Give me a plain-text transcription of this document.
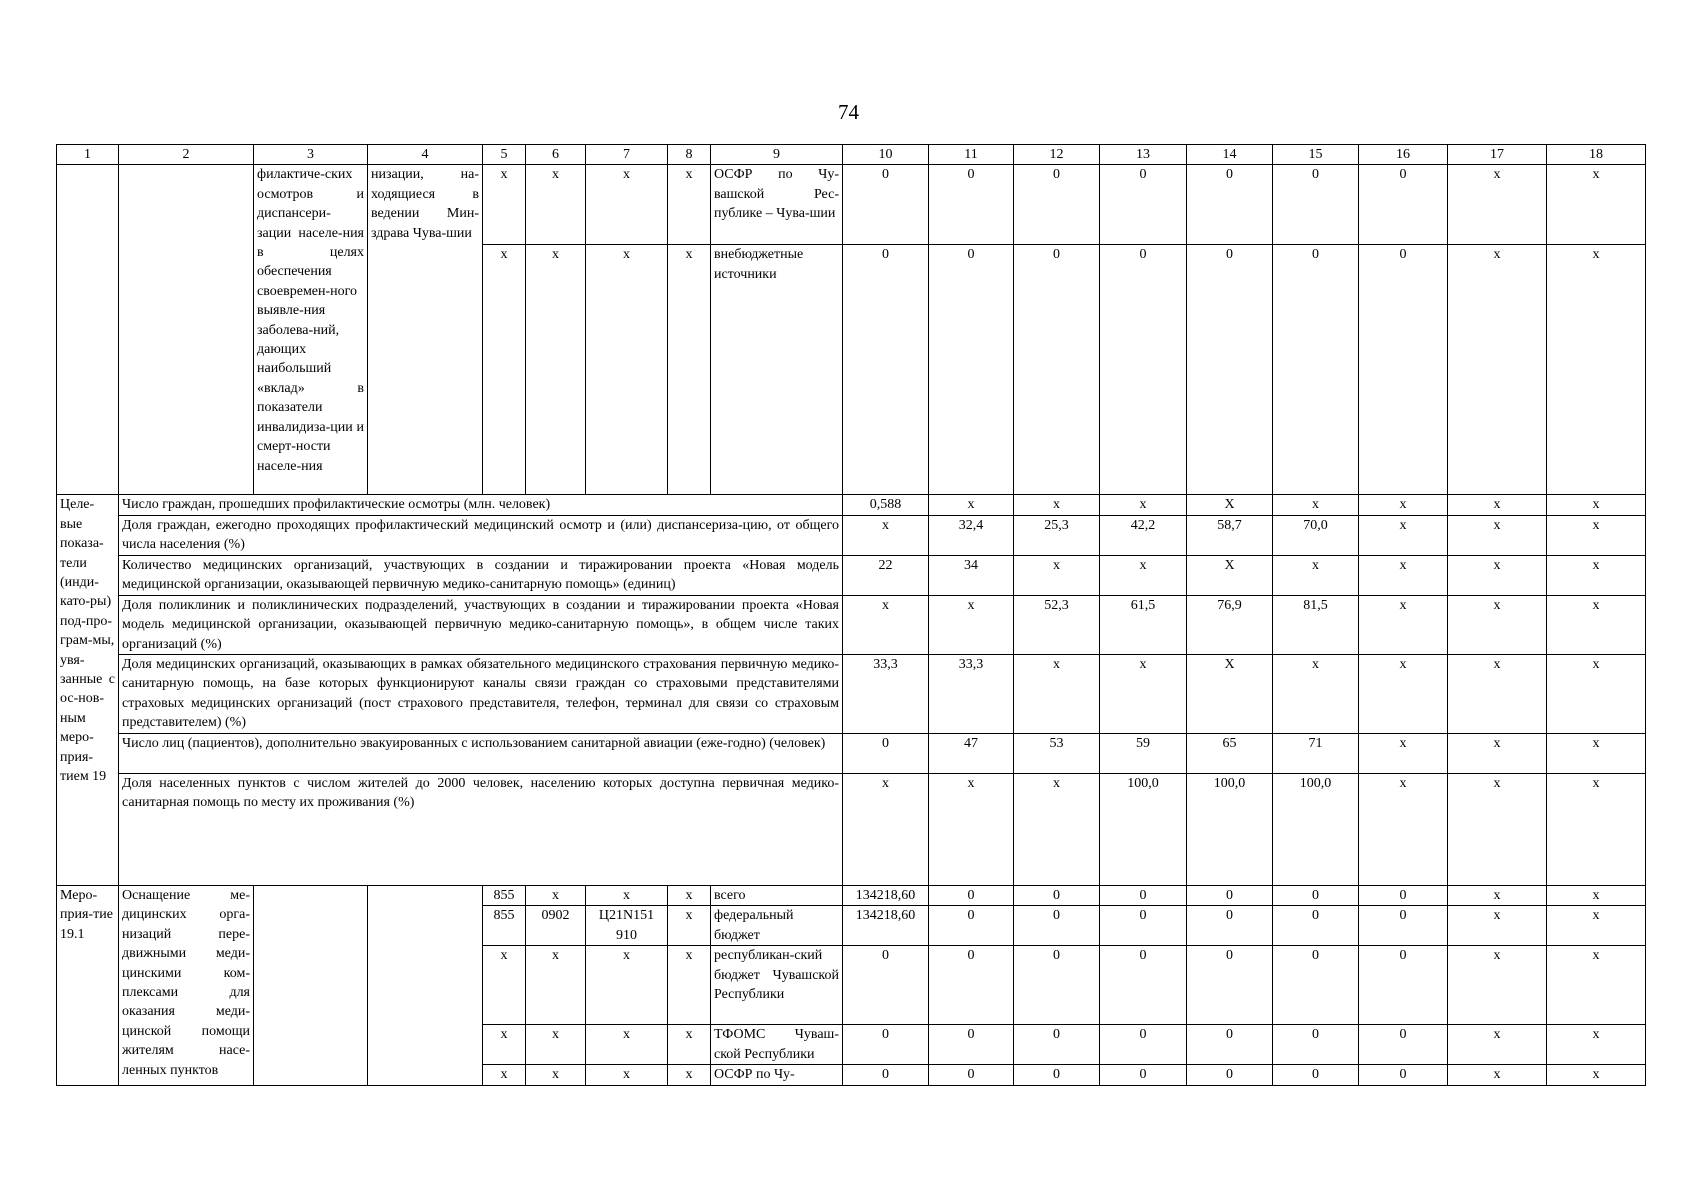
74
1	2	3	4	5	6	7	8	9	10	11	12	13	14	15	16	17	18
		филактиче-ских осмотров и диспансери-зации населе-ния в целях обеспечения своевремен-ного выявле-ния заболева-ний, дающих наибольший «вклад» в показатели инвалидиза-ции и смерт-ности населе-ния	низации, на-ходящиеся в ведении Мин-здрава Чува-шии	x	x	x	x	ОСФР по Чу-вашской Рес-публике – Чува-шии	0	0	0	0	0	0	0	x	x
				x	x	x	x	внебюджетные источники	0	0	0	0	0	0	0	x	x
Целе-вые показа-тели (инди-като-ры) под-про-грам-мы, увя-занные с ос-нов-ным меро-прия-тием 19	Число граждан, прошедших профилактические осмотры (млн. человек)								0,588	x	x	x	X	x	x	x	x
	Доля граждан, ежегодно проходящих профилактический медицинский осмотр и (или) диспансериза-цию, от общего числа населения (%)								x	32,4	25,3	42,2	58,7	70,0	x	x	x
	Количество медицинских организаций, участвующих в создании и тиражировании проекта «Новая модель медицинской организации, оказывающей первичную медико-санитарную помощь» (единиц)								22	34	x	x	X	x	x	x	x
	Доля поликлиник и поликлинических подразделений, участвующих в создании и тиражировании проекта «Новая модель медицинской организации, оказывающей первичную медико-санитарную помощь», в общем числе таких организаций (%)								x	x	52,3	61,5	76,9	81,5	x	x	x
	Доля медицинских организаций, оказывающих в рамках обязательного медицинского страхования первичную медико-санитарную помощь, на базе которых функционируют каналы связи граждан со страховыми представителями страховых медицинских организаций (пост страхового представителя, телефон, терминал для связи со страховым представителем) (%)								33,3	33,3	x	x	X	x	x	x	x
	Число лиц (пациентов), дополнительно эвакуированных с использованием санитарной авиации (еже-годно) (человек)								0	47	53	59	65	71	x	x	x
	Доля населенных пунктов с числом жителей до 2000 человек, населению которых доступна первичная медико-санитарная помощь по месту их проживания (%)								x	x	x	100,0	100,0	100,0	x	x	x
Меро-прия-тие 19.1	Оснащение ме-дицинских орга-низаций пере-движными меди-цинскими ком-плексами для оказания меди-цинской помощи жителям насе-ленных пунктов			855	x	x	x	всего	134218,60	0	0	0	0	0	0	x	x
				855	0902	Ц21N151 910	x	федеральный бюджет	134218,60	0	0	0	0	0	0	x	x
				x	x	x	x	республикан-ский бюджет Чувашской Республики	0	0	0	0	0	0	0	x	x
				x	x	x	x	ТФОМС Чуваш-ской Республики	0	0	0	0	0	0	0	x	x
				x	x	x	x	ОСФР по Чу-	0	0	0	0	0	0	0	x	x
